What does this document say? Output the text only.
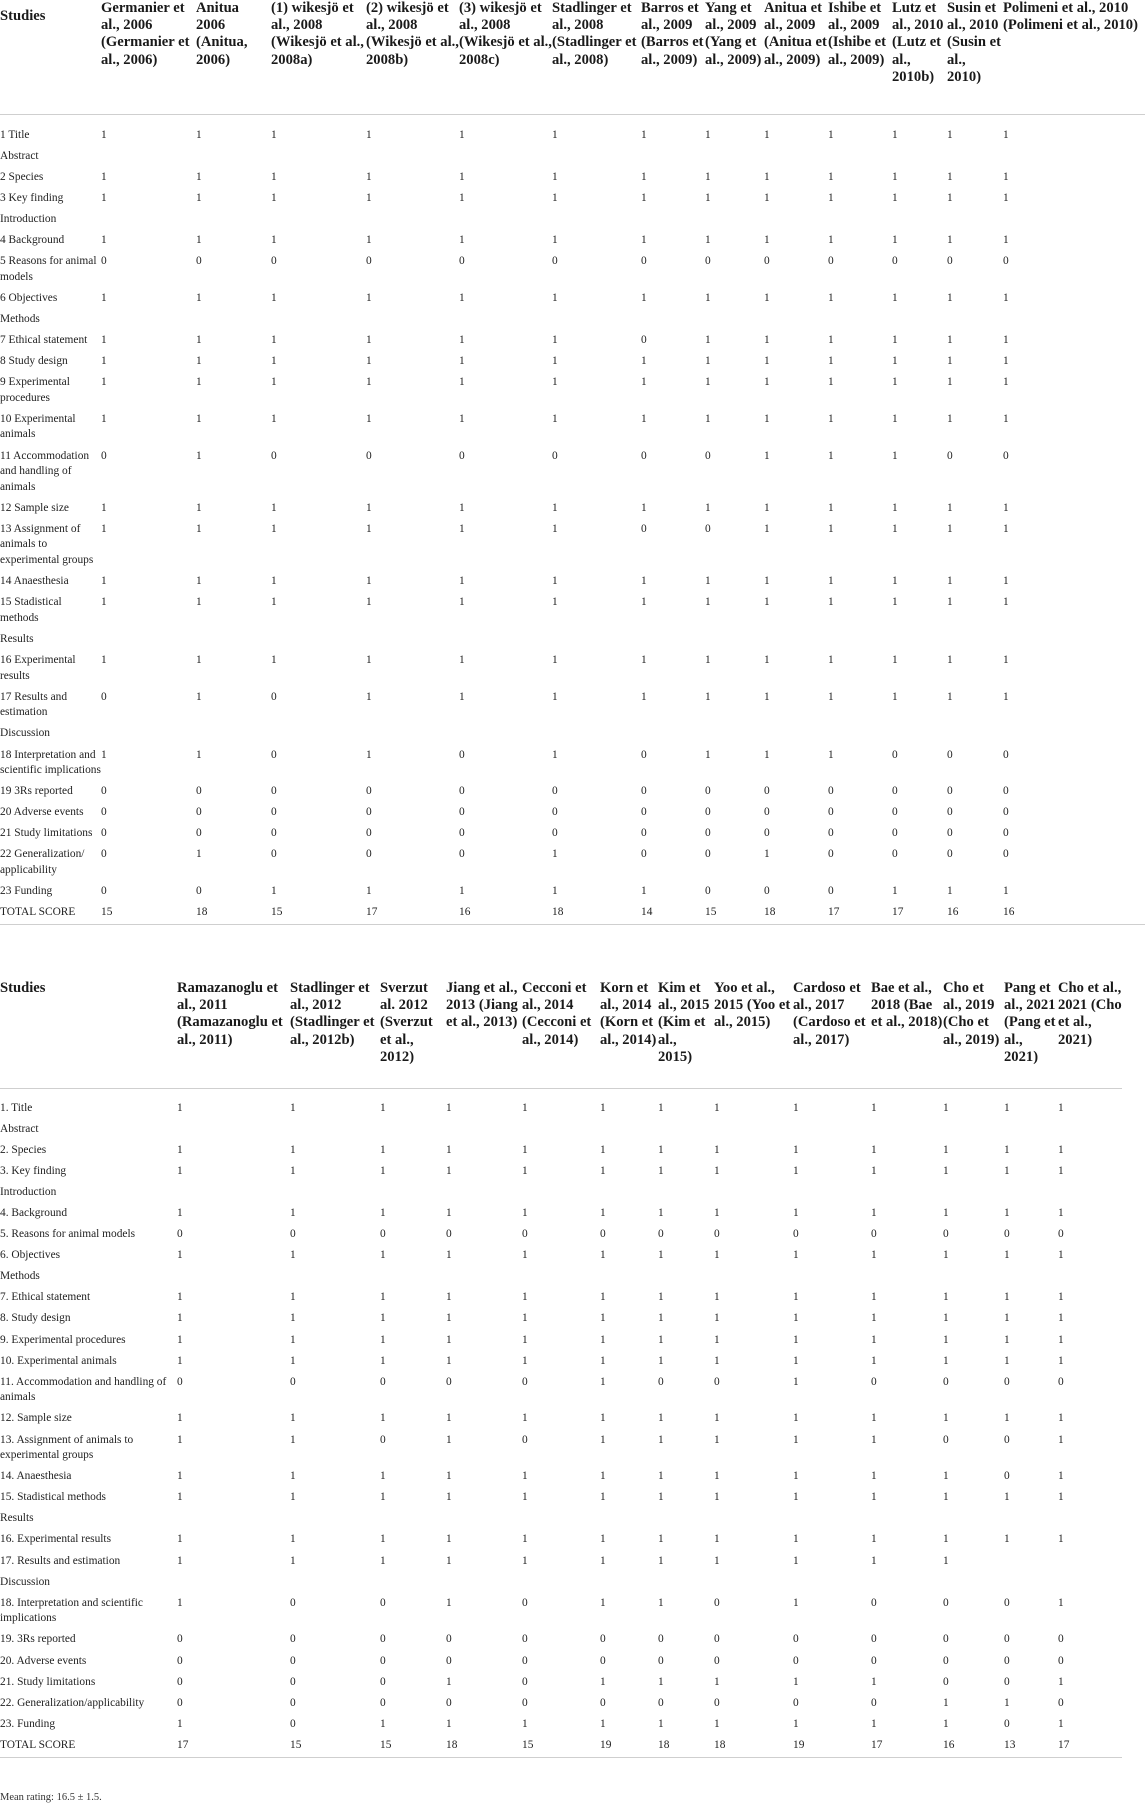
Studies	Germanier et al., 2006 (Germanier et al., 2006)	Anitua 2006 (Anitua, 2006)	(1) wikesjö et al., 2008 (Wikesjö et al., 2008a)	(2) wikesjö et al., 2008 (Wikesjö et al., 2008b)	(3) wikesjö et al., 2008 (Wikesjö et al., 2008c)	Stadlinger et al., 2008 (Stadlinger et al., 2008)	Barros et al., 2009 (Barros et al., 2009)	Yang et al., 2009 (Yang et al., 2009)	Anitua et al., 2009 (Anitua et al., 2009)	Ishibe et al., 2009 (Ishibe et al., 2009)	Lutz et al., 2010 (Lutz et al., 2010b)	Susin et al., 2010 (Susin et al., 2010)	Polimeni et al., 2010 (Polimeni et al., 2010)
1 Title	1	1	1	1	1	1	1	1	1	1	1	1	1
Abstract													
2 Species	1	1	1	1	1	1	1	1	1	1	1	1	1
3 Key finding	1	1	1	1	1	1	1	1	1	1	1	1	1
Introduction													
4 Background	1	1	1	1	1	1	1	1	1	1	1	1	1
5 Reasons for animal models	0	0	0	0	0	0	0	0	0	0	0	0	0
6 Objectives	1	1	1	1	1	1	1	1	1	1	1	1	1
Methods													
7 Ethical statement	1	1	1	1	1	1	0	1	1	1	1	1	1
8 Study design	1	1	1	1	1	1	1	1	1	1	1	1	1
9 Experimental procedures	1	1	1	1	1	1	1	1	1	1	1	1	1
10 Experimental animals	1	1	1	1	1	1	1	1	1	1	1	1	1
11 Accommodation and handling of animals	0	1	0	0	0	0	0	0	1	1	1	0	0
12 Sample size	1	1	1	1	1	1	1	1	1	1	1	1	1
13 Assignment of animals to experimental groups	1	1	1	1	1	1	0	0	1	1	1	1	1
14 Anaesthesia	1	1	1	1	1	1	1	1	1	1	1	1	1
15 Stadistical methods	1	1	1	1	1	1	1	1	1	1	1	1	1
Results													
16 Experimental results	1	1	1	1	1	1	1	1	1	1	1	1	1
17 Results and estimation	0	1	0	1	1	1	1	1	1	1	1	1	1
Discussion													
18 Interpretation and scientific implications	1	1	0	1	0	1	0	1	1	1	0	0	0
19 3Rs reported	0	0	0	0	0	0	0	0	0	0	0	0	0
20 Adverse events	0	0	0	0	0	0	0	0	0	0	0	0	0
21 Study limitations	0	0	0	0	0	0	0	0	0	0	0	0	0
22 Generalization/ applicability	0	1	0	0	0	1	0	0	1	0	0	0	0
23 Funding	0	0	1	1	1	1	1	0	0	0	1	1	1
TOTAL SCORE	15	18	15	17	16	18	14	15	18	17	17	16	16
Studies	Ramazanoglu et al., 2011 (Ramazanoglu et al., 2011)	Stadlinger et al., 2012 (Stadlinger et al., 2012b)	Sverzut al. 2012 (Sverzut et al., 2012)	Jiang et al., 2013 (Jiang et al., 2013)	Cecconi et al., 2014 (Cecconi et al., 2014)	Korn et al., 2014 (Korn et al., 2014)	Kim et al., 2015 (Kim et al., 2015)	Yoo et al., 2015 (Yoo et al., 2015)	Cardoso et al., 2017 (Cardoso et al., 2017)	Bae et al., 2018 (Bae et al., 2018)	Cho et al., 2019 (Cho et al., 2019)	Pang et al., 2021 (Pang et al., 2021)	Cho et al., 2021 (Cho et al., 2021)
1. Title	1	1	1	1	1	1	1	1	1	1	1	1	1
Abstract													
2. Species	1	1	1	1	1	1	1	1	1	1	1	1	1
3. Key finding	1	1	1	1	1	1	1	1	1	1	1	1	1
Introduction													
4. Background	1	1	1	1	1	1	1	1	1	1	1	1	1
5. Reasons for animal models	0	0	0	0	0	0	0	0	0	0	0	0	0
6. Objectives	1	1	1	1	1	1	1	1	1	1	1	1	1
Methods													
7. Ethical statement	1	1	1	1	1	1	1	1	1	1	1	1	1
8. Study design	1	1	1	1	1	1	1	1	1	1	1	1	1
9. Experimental procedures	1	1	1	1	1	1	1	1	1	1	1	1	1
10. Experimental animals	1	1	1	1	1	1	1	1	1	1	1	1	1
11. Accommodation and handling of animals	0	0	0	0	0	1	0	0	1	0	0	0	0
12. Sample size	1	1	1	1	1	1	1	1	1	1	1	1	1
13. Assignment of animals to experimental groups	1	1	0	1	0	1	1	1	1	1	0	0	1
14. Anaesthesia	1	1	1	1	1	1	1	1	1	1	1	0	1
15. Stadistical methods	1	1	1	1	1	1	1	1	1	1	1	1	1
Results													
16. Experimental results	1	1	1	1	1	1	1	1	1	1	1	1	1
17. Results and estimation	1	1	1	1	1	1	1	1	1	1	1		
Discussion													
18. Interpretation and scientific implications	1	0	0	1	0	1	1	0	1	0	0	0	1
19. 3Rs reported	0	0	0	0	0	0	0	0	0	0	0	0	0
20. Adverse events	0	0	0	0	0	0	0	0	0	0	0	0	0
21. Study limitations	0	0	0	1	0	1	1	1	1	1	0	0	1
22. Generalization/applicability	0	0	0	0	0	0	0	0	0	0	1	1	0
23. Funding	1	0	1	1	1	1	1	1	1	1	1	0	1
TOTAL SCORE	17	15	15	18	15	19	18	18	19	17	16	13	17
Mean rating: 16.5 ± 1.5.
